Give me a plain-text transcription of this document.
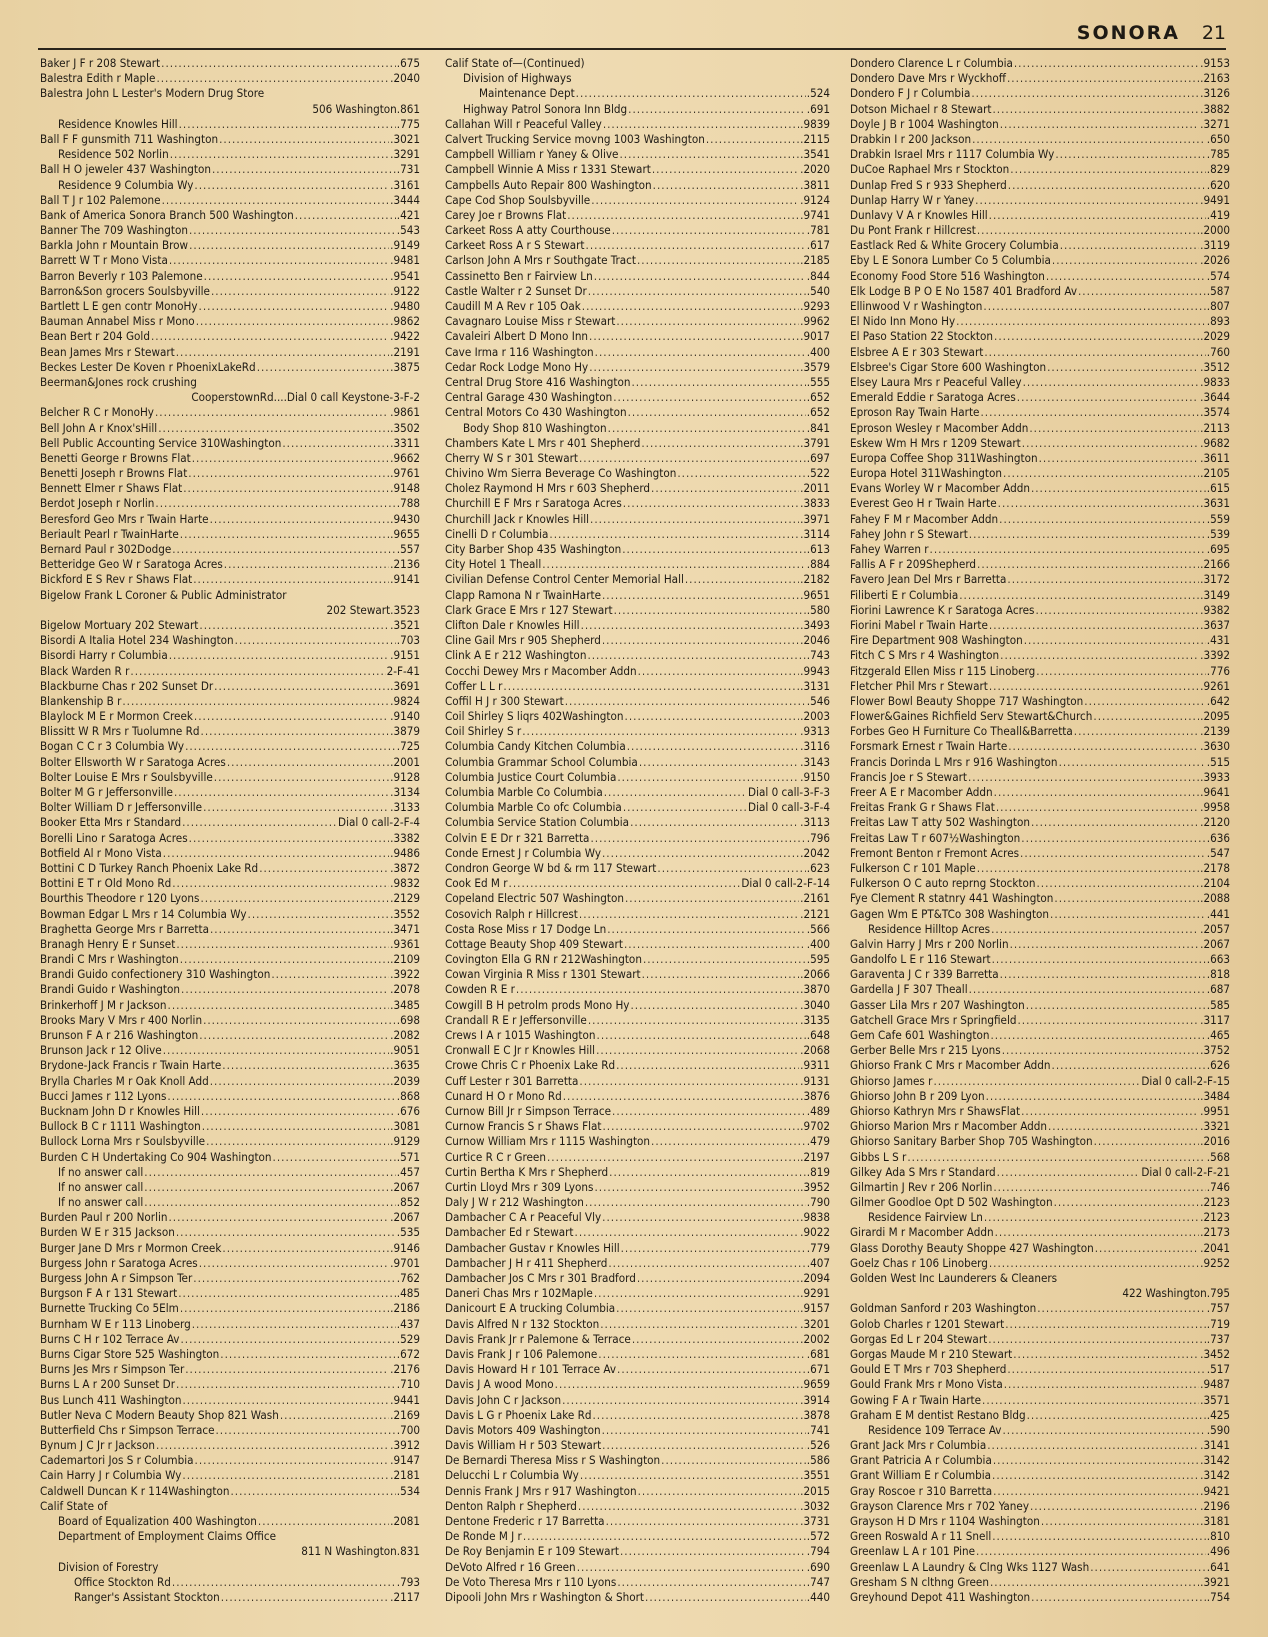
SONORA 21
Baker J F r 208 Stewart .....	.675
Balestra Edith r Maple .....	.2040
Balestra John L Lester's Modern Drug Store
506 Washington .861
Residence Knowles Hill .....	.775
Ball F F gunsmith 711 Washington .....	.3021
Residence 502 Norlin .....	.3291
Ball H O jeweler 437 Washington .....	.731
Residence 9 Columbia Wy .....	.3161
Ball T J r 102 Palemone .....	.3444
Bank of America Sonora Branch 500 Washington .....	.421
Banner The 709 Washington .....	.543
Barkla John r Mountain Brow .....	.9149
Barrett W T r Mono Vista .....	.9481
Barron Beverly r 103 Palemone .....	.9541
Barron&Son grocers Soulsbyville .....	.9122
Bartlett L E gen contr MonoHy .....	.9480
Bauman Annabel Miss r Mono .....	.9862
Bean Bert r 204 Gold .....	.9422
Bean James Mrs r Stewart .....	.2191
Beckes Lester De Koven r PhoenixLakeRd .....	.3875
Beerman&Jones rock crushing
CooperstownRd....Dial 0 call Keystone-3-F-2
Belcher R C r MonoHy .....	.9861
Bell John A r Knox'sHill .....	.3502
Bell Public Accounting Service 310Washington .....	.3311
Benetti George r Browns Flat .....	.9662
Benetti Joseph r Browns Flat .....	.9761
Bennett Elmer r Shaws Flat .....	.9148
Berdot Joseph r Norlin .....	.788
Beresford Geo Mrs r Twain Harte .....	.9430
Beriault Pearl r TwainHarte .....	.9655
Bernard Paul r 302Dodge .....	.557
Betteridge Geo W r Saratoga Acres .....	.2136
Bickford E S Rev r Shaws Flat .....	.9141
Bigelow Frank L Coroner & Public Administrator
202 Stewart .3523
Bigelow Mortuary 202 Stewart .....	.3521
Bisordi A Italia Hotel 234 Washington .....	.703
Bisordi Harry r Columbia .....	.9151
Black Warden R r .....	2-F-41
Blackburne Chas r 202 Sunset Dr .....	.3691
Blankenship B r .....	.9824
Blaylock M E r Mormon Creek .....	.9140
Blissitt W R Mrs r Tuolumne Rd .....	.3879
Bogan C C r 3 Columbia Wy .....	.725
Bolter Ellsworth W r Saratoga Acres .....	.2001
Bolter Louise E Mrs r Soulsbyville .....	.9128
Bolter M G r Jeffersonville .....	.3134
Bolter William D r Jeffersonville .....	.3133
Booker Etta Mrs r Standard .....	Dial 0 call-2-F-4
Borelli Lino r Saratoga Acres .....	.3382
Botfield Al r Mono Vista .....	.9486
Bottini C D Turkey Ranch Phoenix Lake Rd .....	.3872
Bottini E T r Old Mono Rd .....	.9832
Bourthis Theodore r 120 Lyons .....	.2129
Bowman Edgar L Mrs r 14 Columbia Wy .....	.3552
Braghetta George Mrs r Barretta .....	.3471
Branagh Henry E r Sunset .....	.9361
Brandi C Mrs r Washington .....	.2109
Brandi Guido confectionery 310 Washington .....	.3922
Brandi Guido r Washington .....	.2078
Brinkerhoff J M r Jackson .....	.3485
Brooks Mary V Mrs r 400 Norlin .....	.698
Brunson F A r 216 Washington .....	.2082
Brunson Jack r 12 Olive .....	.9051
Brydone-Jack Francis r Twain Harte .....	.3635
Brylla Charles M r Oak Knoll Add .....	.2039
Bucci James r 112 Lyons .....	.868
Bucknam John D r Knowles Hill .....	.676
Bullock B C r 1111 Washington .....	.3081
Bullock Lorna Mrs r Soulsbyville .....	.9129
Burden C H Undertaking Co 904 Washington .....	.571
If no answer call .....	.457
If no answer call .....	.2067
If no answer call .....	.852
Burden Paul r 200 Norlin .....	.2067
Burden W E r 315 Jackson .....	.535
Burger Jane D Mrs r Mormon Creek .....	.9146
Burgess John r Saratoga Acres .....	.9701
Burgess John A r Simpson Ter .....	.762
Burgson F A r 131 Stewart .....	.485
Burnette Trucking Co 5Elm .....	.2186
Burnham W E r 113 Linoberg .....	.437
Burns C H r 102 Terrace Av .....	.529
Burns Cigar Store 525 Washington .....	.672
Burns Jes Mrs r Simpson Ter .....	.2176
Burns L A r 200 Sunset Dr .....	.710
Bus Lunch 411 Washington .....	.9441
Butler Neva C Modern Beauty Shop 821 Wash .....	.2169
Butterfield Chs r Simpson Terrace .....	.700
Bynum J C Jr r Jackson .....	.3912
Cademartori Jos S r Columbia .....	.9147
Cain Harry J r Columbia Wy .....	.2181
Caldwell Duncan K r 114Washington .....	.534
Calif State of
Board of Equalization 400 Washington .....	.2081
Department of Employment Claims Office
811 N Washington .831
Division of Forestry
Office Stockton Rd .....	.793
Ranger's Assistant Stockton .....	.2117
Calif State of—(Continued)
Division of Highways
Maintenance Dept .....	.524
Highway Patrol Sonora Inn Bldg .....	.691
Callahan Will r Peaceful Valley .....	.9839
Calvert Trucking Service movng 1003 Washington .....	.2115
Campbell William r Yaney & Olive .....	.3541
Campbell Winnie A Miss r 1331 Stewart .....	.2020
Campbells Auto Repair 800 Washington .....	.3811
Cape Cod Shop Soulsbyville .....	.9124
Carey Joe r Browns Flat .....	.9741
Carkeet Ross A atty Courthouse .....	.781
Carkeet Ross A r S Stewart .....	.617
Carlson John A Mrs r Southgate Tract .....	.2185
Cassinetto Ben r Fairview Ln .....	.844
Castle Walter r 2 Sunset Dr .....	.540
Caudill M A Rev r 105 Oak .....	.9293
Cavagnaro Louise Miss r Stewart .....	.9962
Cavaleiri Albert D Mono Inn .....	.9017
Cave Irma r 116 Washington .....	.400
Cedar Rock Lodge Mono Hy .....	.3579
Central Drug Store 416 Washington .....	.555
Central Garage 430 Washington .....	.652
Central Motors Co 430 Washington .....	.652
Body Shop 810 Washington .....	.841
Chambers Kate L Mrs r 401 Shepherd .....	.3791
Cherry W S r 301 Stewart .....	.697
Chivino Wm Sierra Beverage Co Washington .....	.522
Cholez Raymond H Mrs r 603 Shepherd .....	.2011
Churchill E F Mrs r Saratoga Acres .....	.3833
Churchill Jack r Knowles Hill .....	.3971
Cinelli D r Columbia .....	.3114
City Barber Shop 435 Washington .....	.613
City Hotel 1 Theall .....	.884
Civilian Defense Control Center Memorial Hall .....	.2182
Clapp Ramona N r TwainHarte .....	.9651
Clark Grace E Mrs r 127 Stewart .....	.580
Clifton Dale r Knowles Hill .....	.3493
Cline Gail Mrs r 905 Shepherd .....	.2046
Clink A E r 212 Washington .....	.743
Cocchi Dewey Mrs r Macomber Addn .....	.9943
Coffer L L r .....	.3131
Coffil H J r 300 Stewart .....	.546
Coil Shirley S liqrs 402Washington .....	.2003
Coil Shirley S r .....	.9313
Columbia Candy Kitchen Columbia .....	.3116
Columbia Grammar School Columbia .....	.3143
Columbia Justice Court Columbia .....	.9150
Columbia Marble Co Columbia .....	Dial 0 call-3-F-3
Columbia Marble Co ofc Columbia .....	Dial 0 call-3-F-4
Columbia Service Station Columbia .....	.3113
Colvin E E Dr r 321 Barretta .....	.796
Conde Ernest J r Columbia Wy .....	.2042
Condron George W bd & rm 117 Stewart .....	.623
Cook Ed M r .....	Dial 0 call-2-F-14
Copeland Electric 507 Washington .....	.2161
Cosovich Ralph r Hillcrest .....	.2121
Costa Rose Miss r 17 Dodge Ln .....	.566
Cottage Beauty Shop 409 Stewart .....	.400
Covington Ella G RN r 212Washington .....	.595
Cowan Virginia R Miss r 1301 Stewart .....	.2066
Cowden R E r .....	.3870
Cowgill B H petrolm prods Mono Hy .....	.3040
Crandall R E r Jeffersonville .....	.3135
Crews I A r 1015 Washington .....	.648
Cronwall E C Jr r Knowles Hill .....	.2068
Crowe Chris C r Phoenix Lake Rd .....	.9311
Cuff Lester r 301 Barretta .....	.9131
Cunard H O r Mono Rd .....	.3876
Curnow Bill Jr r Simpson Terrace .....	.489
Curnow Francis S r Shaws Flat .....	.9702
Curnow William Mrs r 1115 Washington .....	.479
Curtice R C r Green .....	.2197
Curtin Bertha K Mrs r Shepherd .....	.819
Curtin Lloyd Mrs r 309 Lyons .....	.3952
Daly J W r 212 Washington .....	.790
Dambacher C A r Peaceful Vly .....	.9838
Dambacher Ed r Stewart .....	.9022
Dambacher Gustav r Knowles Hill .....	.779
Dambacher J H r 411 Shepherd .....	.407
Dambacher Jos C Mrs r 301 Bradford .....	.2094
Daneri Chas Mrs r 102Maple .....	.9291
Danicourt E A trucking Columbia .....	.9157
Davis Alfred N r 132 Stockton .....	.3201
Davis Frank Jr r Palemone & Terrace .....	.2002
Davis Frank J r 106 Palemone .....	.681
Davis Howard H r 101 Terrace Av .....	.671
Davis J A wood Mono .....	.9659
Davis John C r Jackson .....	.3914
Davis L G r Phoenix Lake Rd .....	.3878
Davis Motors 409 Washington .....	.741
Davis William H r 503 Stewart .....	.526
De Bernardi Theresa Miss r S Washington .....	.586
Delucchi L r Columbia Wy .....	.3551
Dennis Frank J Mrs r 917 Washington .....	.2015
Denton Ralph r Shepherd .....	.3032
Dentone Frederic r 17 Barretta .....	.3731
De Ronde M J r .....	.572
De Roy Benjamin E r 109 Stewart .....	.794
DeVoto Alfred r 16 Green .....	.690
De Voto Theresa Mrs r 110 Lyons .....	.747
Dipooli John Mrs r Washington & Short .....	.440
Dondero Clarence L r Columbia .....	.9153
Dondero Dave Mrs r Wyckhoff .....	.2163
Dondero F J r Columbia .....	.3126
Dotson Michael r 8 Stewart .....	.3882
Doyle J B r 1004 Washington .....	.3271
Drabkin I r 200 Jackson .....	.650
Drabkin Israel Mrs r 1117 Columbia Wy .....	.785
DuCoe Raphael Mrs r Stockton .....	.829
Dunlap Fred S r 933 Shepherd .....	.620
Dunlap Harry W r Yaney .....	.9491
Dunlavy V A r Knowles Hill .....	.419
Du Pont Frank r Hillcrest .....	.2000
Eastlack Red & White Grocery Columbia .....	.3119
Eby L E Sonora Lumber Co 5 Columbia .....	.2026
Economy Food Store 516 Washington .....	.574
Elk Lodge B P O E No 1587 401 Bradford Av .....	.587
Ellinwood V r Washington .....	.807
El Nido Inn Mono Hy .....	.893
El Paso Station 22 Stockton .....	.2029
Elsbree A E r 303 Stewart .....	.760
Elsbree's Cigar Store 600 Washington .....	.3512
Elsey Laura Mrs r Peaceful Valley .....	.9833
Emerald Eddie r Saratoga Acres .....	.3644
Eproson Ray Twain Harte .....	.3574
Eproson Wesley r Macomber Addn .....	.2113
Eskew Wm H Mrs r 1209 Stewart .....	.9682
Europa Coffee Shop 311Washington .....	.3611
Europa Hotel 311Washington .....	.2105
Evans Worley W r Macomber Addn .....	.615
Everest Geo H r Twain Harte .....	.3631
Fahey F M r Macomber Addn .....	.559
Fahey John r S Stewart .....	.539
Fahey Warren r .....	.695
Fallis A F r 209Shepherd .....	.2166
Favero Jean Del Mrs r Barretta .....	.3172
Filiberti E r Columbia .....	.3149
Fiorini Lawrence K r Saratoga Acres .....	.9382
Fiorini Mabel r Twain Harte .....	.3637
Fire Department 908 Washington .....	.431
Fitch C S Mrs r 4 Washington .....	.3392
Fitzgerald Ellen Miss r 115 Linoberg .....	.776
Fletcher Phil Mrs r Stewart .....	.9261
Flower Bowl Beauty Shoppe 717 Washington .....	.642
Flower&Gaines Richfield Serv Stewart&Church .....	.2095
Forbes Geo H Furniture Co Theall&Barretta .....	.2139
Forsmark Ernest r Twain Harte .....	.3630
Francis Dorinda L Mrs r 916 Washington .....	.515
Francis Joe r S Stewart .....	.3933
Freer A E r Macomber Addn .....	.9641
Freitas Frank G r Shaws Flat .....	.9958
Freitas Law T atty 502 Washington .....	.2120
Freitas Law T r 607½Washington .....	.636
Fremont Benton r Fremont Acres .....	.547
Fulkerson C r 101 Maple .....	.2178
Fulkerson O C auto reprng Stockton .....	.2104
Fye Clement R statnry 441 Washington .....	.2088
Gagen Wm E PT&TCo 308 Washington .....	.441
Residence Hilltop Acres .....	.2057
Galvin Harry J Mrs r 200 Norlin .....	.2067
Gandolfo L E r 116 Stewart .....	.663
Garaventa J C r 339 Barretta .....	.818
Gardella J F 307 Theall .....	.687
Gasser Lila Mrs r 207 Washington .....	.585
Gatchell Grace Mrs r Springfield .....	.3117
Gem Cafe 601 Washington .....	.465
Gerber Belle Mrs r 215 Lyons .....	.3752
Ghiorso Frank C Mrs r Macomber Addn .....	.626
Ghiorso James r .....	Dial 0 call-2-F-15
Ghiorso John B r 209 Lyon .....	.3484
Ghiorso Kathryn Mrs r ShawsFlat .....	.9951
Ghiorso Marion Mrs r Macomber Addn .....	.3321
Ghiorso Sanitary Barber Shop 705 Washington .....	.2016
Gibbs L S r .....	.568
Gilkey Ada S Mrs r Standard .....	Dial 0 call-2-F-21
Gilmartin J Rev r 206 Norlin .....	.746
Gilmer Goodloe Opt D 502 Washington .....	.2123
Residence Fairview Ln .....	.2123
Girardi M r Macomber Addn .....	.2173
Glass Dorothy Beauty Shoppe 427 Washington .....	.2041
Goelz Chas r 106 Linoberg .....	.9252
Golden West Inc Launderers & Cleaners
422 Washington .795
Goldman Sanford r 203 Washington .....	.757
Golob Charles r 1201 Stewart .....	.719
Gorgas Ed L r 204 Stewart .....	.737
Gorgas Maude M r 210 Stewart .....	.3452
Gould E T Mrs r 703 Shepherd .....	.517
Gould Frank Mrs r Mono Vista .....	.9487
Gowing F A r Twain Harte .....	.3571
Graham E M dentist Restano Bldg .....	.425
Residence 109 Terrace Av .....	.590
Grant Jack Mrs r Columbia .....	.3141
Grant Patricia A r Columbia .....	.3142
Grant William E r Columbia .....	.3142
Gray Roscoe r 310 Barretta .....	.9421
Grayson Clarence Mrs r 702 Yaney .....	.2196
Grayson H D Mrs r 1104 Washington .....	.3181
Green Roswald A r 11 Snell .....	.810
Greenlaw L A r 101 Pine .....	.496
Greenlaw L A Laundry & Clng Wks 1127 Wash .....	.641
Gresham S N clthng Green .....	.3921
Greyhound Depot 411 Washington .....	.754
